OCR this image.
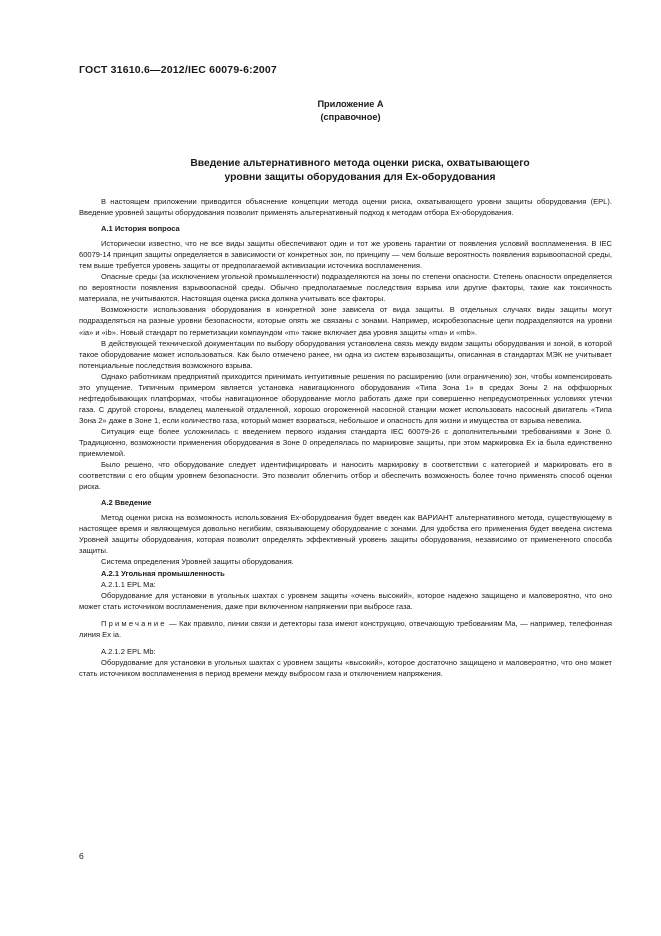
ГОСТ 31610.6—2012/IEC 60079-6:2007
Приложение А
(справочное)
Введение альтернативного метода оценки риска, охватывающего
уровни защиты оборудования для Ех-оборудования

В настоящем приложении приводится объяснение концепции метода оценки риска, охватывающего уровни защиты оборудования (EPL). Введение уровней защиты оборудования позволит применять альтернативный подход к методам отбора Ех-оборудования.

А.1 История вопроса

Исторически известно, что не все виды защиты обеспечивают один и тот же уровень гарантии от появления условий воспламенения. В IEC 60079-14 принцип защиты определяется в зависимости от конкретных зон, по принципу — чем больше вероятность появления взрывоопасной среды, тем выше требуется уровень защиты от предполагаемой активизации источника воспламенения.

Опасные среды (за исключением угольной промышленности) подразделяются на зоны по степени опасности. Степень опасности определяется по вероятности появления взрывоопасной среды. Обычно предполагаемые последствия взрыва или другие факторы, такие как токсичность материала, не учитываются. Настоящая оценка риска должна учитывать все факторы.

Возможности использования оборудования в конкретной зоне зависела от вида защиты. В отдельных случаях виды защиты могут подразделяться на разные уровни безопасности, которые опять же связаны с зонами. Например, искробезопасные цепи подразделяются на уровни «ia» и «ib». Новый стандарт по герметизации компаундом «m» также включает два уровня защиты «ma» и «mb».

В действующей технической документации по выбору оборудования установлена связь между видом защиты оборудования и зоной, в которой такое оборудование может использоваться. Как было отмечено ранее, ни одна из систем взрывозащиты, описанная в стандартах МЭК не учитывает потенциальные последствия возможного взрыва.

Однако работникам предприятий приходится принимать интуитивные решения по расширению (или ограничению) зон, чтобы компенсировать это упущение. Типичным примером является установка навигационного оборудования «Типа Зона 1» в средах Зоны 2 на оффшорных нефтедобывающих платформах, чтобы навигационное оборудование могло работать даже при совершенно непредусмотренных условиях утечки газа. С другой стороны, владелец маленькой отдаленной, хорошо огороженной насосной станции может использовать насосный двигатель «Типа Зона 2» даже в Зоне 1, если количество газа, который может взорваться, небольшое и опасность для жизни и имущества от взрыва невелика.

Ситуация еще более усложнилась с введением первого издания стандарта IEC 60079-26 с дополнительными требованиями к Зоне 0. Традиционно, возможности применения оборудования в Зоне 0 определялась по маркировке защиты, при этом маркировка Ех ia была единственно приемлемой.

Было решено, что оборудование следует идентифицировать и наносить маркировку в соответствии с категорией и маркировать его в соответствии с его общим уровнем безопасности. Это позволит облегчить отбор и обеспечить возможность более точно применять способ оценки риска.

А.2 Введение

Метод оценки риска на возможность использования Ех-оборудования будет введен как ВАРИАНТ альтернативного метода, существующему в настоящее время и являющемуся довольно негибким, связывающему оборудование с зонами. Для удобства его применения будет введена система Уровней защиты оборудования, которая позволит определять эффективный уровень защиты оборудования, независимо от примененного способа защиты.

Система определения Уровней защиты оборудования.

А.2.1 Угольная промышленность

А.2.1.1 EPL Ма:

Оборудование для установки в угольных шахтах с уровнем защиты «очень высокий», которое надежно защищено и маловероятно, что оно может стать источником воспламенения, даже при включенном напряжении при выбросе газа.

Примечание — Как правило, линии связи и детекторы газа имеют конструкцию, отвечающую требованиям Ма, — например, телефонная линия Ех ia.

А.2.1.2 EPL Mb:

Оборудование для установки в угольных шахтах с уровнем защиты «высокий», которое достаточно защищено и маловероятно, что оно может стать источником воспламенения в период времени между выбросом газа и отключением напряжения.

6
